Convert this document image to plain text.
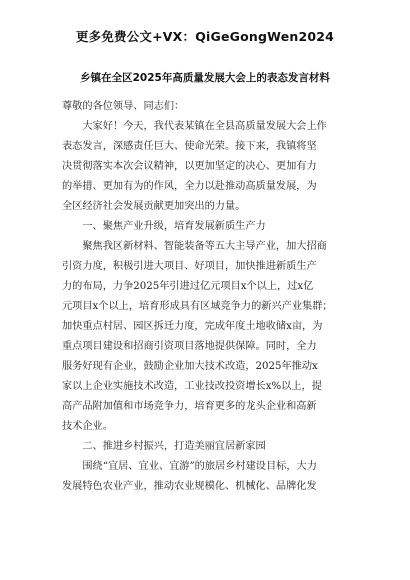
更多免费公文+VX：QiGeGongWen2024
乡镇在全区2025年高质量发展大会上的表态发言材料
尊敬的各位领导、同志们：
　　大家好！今天，我代表某镇在全县高质量发展大会上作
表态发言，深感责任巨大、使命光荣。接下来，我镇将坚
决贯彻落实本次会议精神，以更加坚定的决心、更加有力
的举措、更加有为的作风，全力以赴推动高质量发展，为
全区经济社会发展贡献更加突出的力量。
　　一、聚焦产业升级，培育发展新质生产力
　　聚焦我区新材料、智能装备等五大主导产业，加大招商
引资力度，积极引进大项目、好项目，加快推进新质生产
力的布局，力争2025年引进过亿元项目x个以上，过x亿
元项目x个以上，培育形成具有区域竞争力的新兴产业集群；
加快重点村居、园区拆迁力度，完成年度土地收储x亩，为
重点项目建设和招商引资项目落地提供保障。同时，全力
服务好现有企业，鼓励企业加大技术改造，2025年推动x
家以上企业实施技术改造，工业技改投资增长x%以上，提
高产品附加值和市场竞争力，培育更多的龙头企业和高新
技术企业。
　　二、推进乡村振兴，打造美丽宜居新家园
　　围绕“宜居、宜业、宜游”的旅居乡村建设目标，大力
发展特色农业产业，推动农业规模化、机械化、品牌化发
